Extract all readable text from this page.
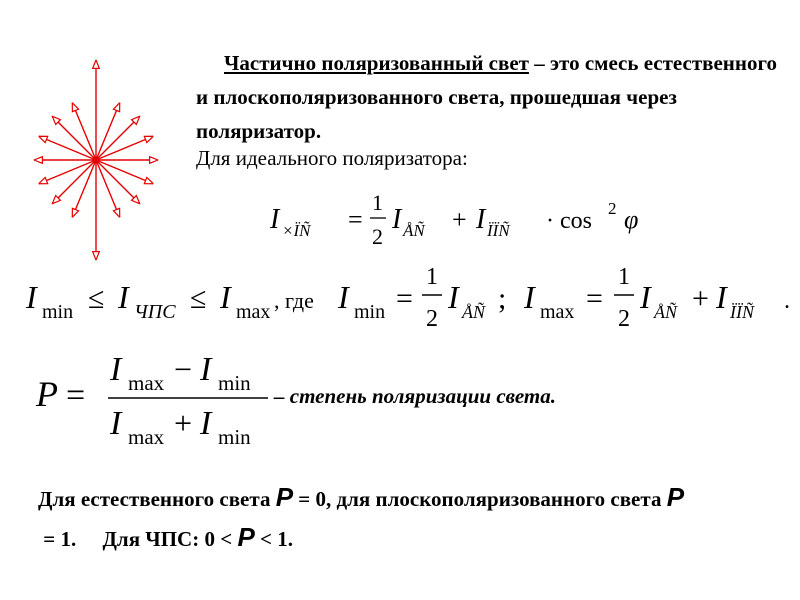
Частично поляризованный свет – это смесь естественного и плоскополяризованного света, прошедшая через поляризатор.
Для идеального поляризатора:
I ×ÏÑ =
1
2
I ÅÑ + I ÏÏÑ · cos 2 φ
I min ≤ I ЧПС ≤ I max , где I min =
1
2
I ÅÑ ; I max =
1
2
I ÅÑ + I ÏÏÑ .
P =
I max − I min
I max + I min
– степень поляризации света.
Для естественного света P = 0, для плоскополяризованного света P = 1.     Для ЧПС: 0 < P < 1.
